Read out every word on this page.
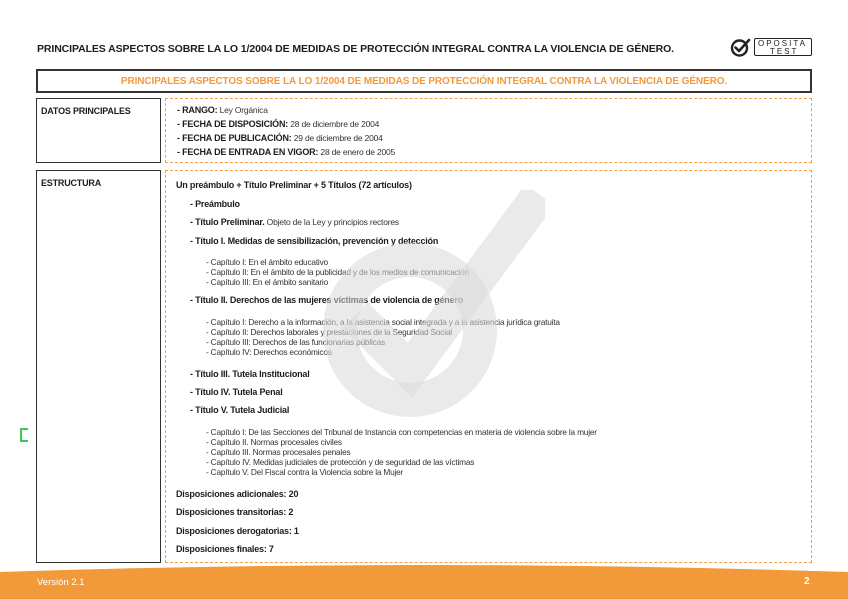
PRINCIPALES ASPECTOS SOBRE LA LO 1/2004 DE MEDIDAS DE PROTECCIÓN INTEGRAL CONTRA LA VIOLENCIA DE GÉNERO.	OPOSITA
TEST
PRINCIPALES ASPECTOS SOBRE LA LO 1/2004 DE MEDIDAS DE PROTECCIÓN INTEGRAL CONTRA LA VIOLENCIA DE GÉNERO.
DATOS PRINCIPALES	- RANGO: Ley Orgánica
- FECHA DE DISPOSICIÓN: 28 de diciembre de 2004
- FECHA DE PUBLICACIÓN: 29 de diciembre de 2004
- FECHA DE ENTRADA EN VIGOR: 28 de enero de 2005
ESTRUCTURA	Un preámbulo + Título Preliminar + 5 Títulos (72 artículos)
- Preámbulo
- Título Preliminar. Objeto de la Ley y principios rectores
- Título I. Medidas de sensibilización, prevención y detección
- Capítulo I: En el ámbito educativo
- Capítulo II: En el ámbito de la publicidad y de los medios de comunicación
- Capítulo III: En el ámbito sanitario
- Título II. Derechos de las mujeres víctimas de violencia de género
- Capítulo I: Derecho a la información, a la asistencia social integrada y a la asistencia jurídica gratuita
- Capítulo II: Derechos laborales y prestaciones de la Seguridad Social
- Capítulo III: Derechos de las funcionarias públicas
- Capítulo IV: Derechos económicos
- Título III. Tutela Institucional
- Título IV. Tutela Penal
- Título V. Tutela Judicial
- Capítulo I: De las Secciones del Tribunal de Instancia con competencias en materia de violencia sobre la mujer
- Capítulo II. Normas procesales civiles
- Capítulo III. Normas procesales penales
- Capítulo IV. Medidas judiciales de protección y de seguridad de las víctimas
- Capítulo V. Del Fiscal contra la Violencia sobre la Mujer
Disposiciones adicionales: 20
Disposiciones transitorias: 2
Disposiciones derogatorias: 1
Disposiciones finales: 7
Versión 2.1	2
